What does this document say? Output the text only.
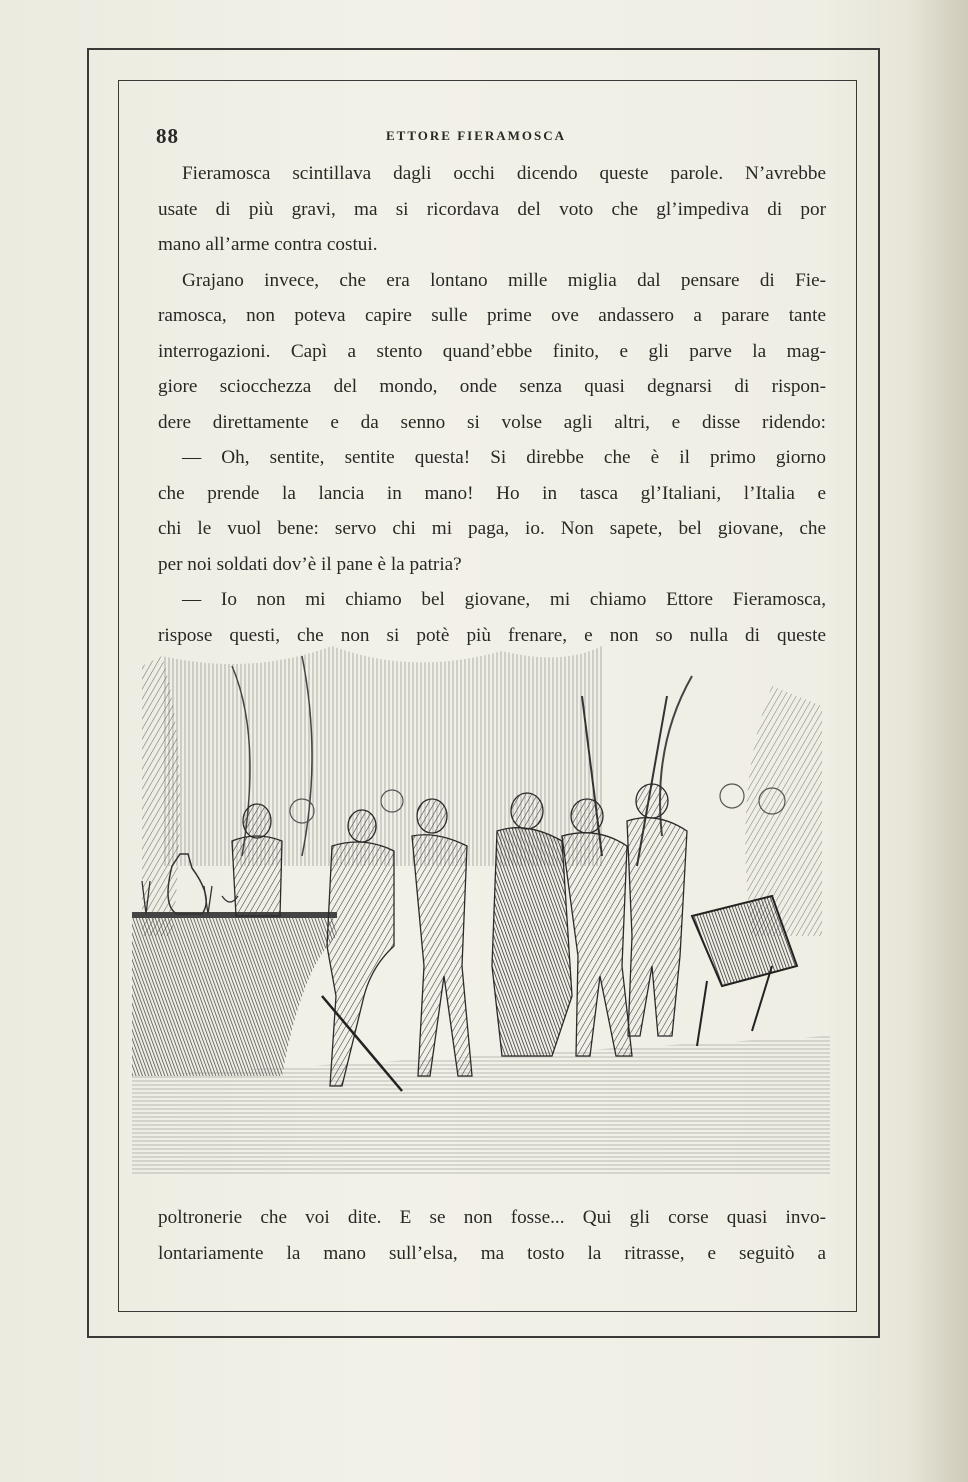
88	ETTORE FIERAMOSCA
Fieramosca scintillava dagli occhi dicendo queste parole. N’avrebbe
usate di più gravi, ma si ricordava del voto che gl’impediva di por
mano all’arme contra costui.
Grajano invece, che era lontano mille miglia dal pensare di Fie-
ramosca, non poteva capire sulle prime ove andassero a parare tante
interrogazioni. Capì a stento quand’ebbe finito, e gli parve la mag-
giore sciocchezza del mondo, onde senza quasi degnarsi di rispon-
dere direttamente e da senno si volse agli altri, e disse ridendo:
— Oh, sentite, sentite questa! Si direbbe che è il primo giorno
che prende la lancia in mano! Ho in tasca gl’Italiani, l’Italia e
chi le vuol bene: servo chi mi paga, io. Non sapete, bel giovane, che
per noi soldati dov’è il pane è la patria?
— Io non mi chiamo bel giovane, mi chiamo Ettore Fieramosca,
rispose questi, che non si potè più frenare, e non so nulla di queste
poltronerie che voi dite. E se non fosse... Qui gli corse quasi invo-
lontariamente la mano sull’elsa, ma tosto la ritrasse, e seguitò a
